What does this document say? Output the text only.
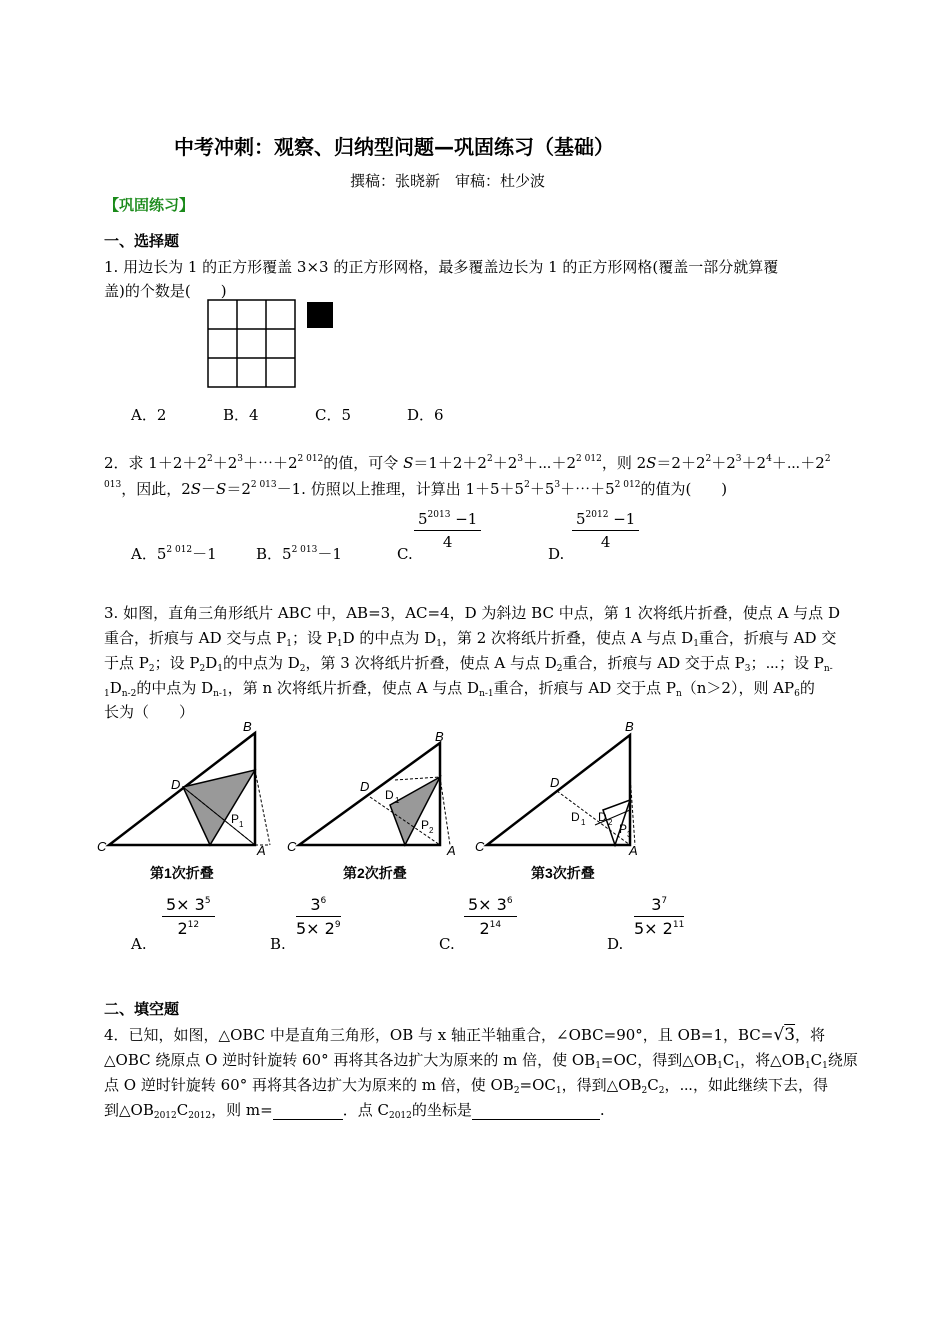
中考冲刺：观察、归纳型问题—巩固练习（基础）
撰稿：张晓新　审稿：杜少波
【巩固练习】
一、选择题
1. 用边长为 1 的正方形覆盖 3×3 的正方形网格，最多覆盖边长为 1 的正方形网格(覆盖一部分就算覆
盖)的个数是(　　)
A．2	B．4	C．5	D．6
2．求 $1+2+2^2+2^3+\cdots+2^{2 012}$的值，可令 $S=1+2+2^2+2^3+\cdots+2^{2 012}$，则 $2S=2+2^2+2^3+2^4+\cdots+2^2$
$^{013}$，因此，$2S-S=2^{2 013}-1$. 仿照以上推理，计算出 $1+5+5^2+5^3+\cdots+5^{2 012}$的值为(　　)
A．$5^{2 012}-1$	B．$5^{2 013}-1$	C.
$\frac{5^{2013} -1}{4}$
D.
$\frac{5^{2012} -1}{4}$
3. 如图，直角三角形纸片 ABC 中，AB=3，AC=4，D 为斜边 BC 中点，第 1 次将纸片折叠，使点 A 与点 D
重合，折痕与 AD 交与点 $P_1$；设 $P_1D$ 的中点为 $D_1$，第 2 次将纸片折叠，使点 A 与点 $D_1$重合，折痕与 AD 交
于点 $P_2$；设 $P_2D_1$的中点为 $D_2$，第 3 次将纸片折叠，使点 A 与点 $D_2$重合，折痕与 AD 交于点 $P_3$；⋯；设 $P_{n-}$
$_1D_{n-2}$的中点为 $D_{n-1}$，第 n 次将纸片折叠，使点 A 与点 $D_{n-1}$重合，折痕与 AD 交于点 $P_n(n>2)$，则 $AP_6$的
长为（　　）
B
D
C	A
P 1
第1次折叠
B
D
D 1
C	A
P 2
第2次折叠
B
D
D 1 D 2
C	A
P 3
第3次折叠
A.
$\frac{5\times 3^5}{2^{12}}$
B.
$\frac{3^6}{5\times 2^9}$
C.
$\frac{5\times 3^6}{2^{14}}$
D.
$\frac{3^7}{5\times 2^{11}}$
二、填空题
4．已知，如图，△OBC 中是直角三角形，OB 与 x 轴正半轴重合，∠OBC=90°，且 OB=1，BC=√3，将
△OBC 绕原点 O 逆时针旋转 60° 再将其各边扩大为原来的 m 倍，使 $OB_1=OC$，得到$\triangle OB_1C_1$，将$\triangle OB_1C_1$绕原
点 O 逆时针旋转 60° 再将其各边扩大为原来的 m 倍，使 $OB_2=OC_1$，得到$\triangle OB_2C_2$，⋯，如此继续下去，得
到$\triangle OB_{2012}C_{2012}$，则 m=	．点 $C_{2012}$的坐标是	.
